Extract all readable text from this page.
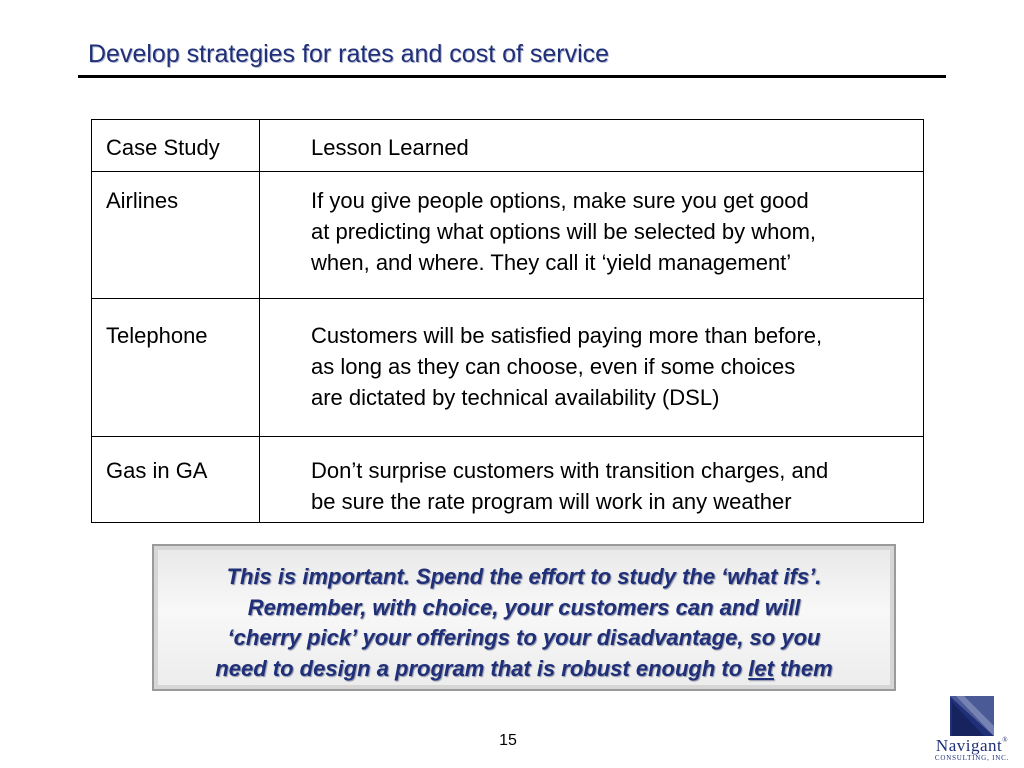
Develop strategies for rates and cost of service
Case Study	Lesson Learned
Airlines	If you give people options, make sure you get good
at predicting what options will be selected by whom,
when, and where. They call it ‘yield management’
Telephone	Customers will be satisfied paying more than before,
as long as they can choose, even if some choices
are dictated by technical availability (DSL)
Gas in GA	Don’t surprise customers with transition charges, and
be sure the rate program will work in any weather
This is important. Spend the effort to study the ‘what ifs’.
Remember, with choice, your customers can and will
‘cherry pick’ your offerings to your disadvantage, so you
need to design a program that is robust enough to let them
15	Navigant®
CONSULTING, INC.
